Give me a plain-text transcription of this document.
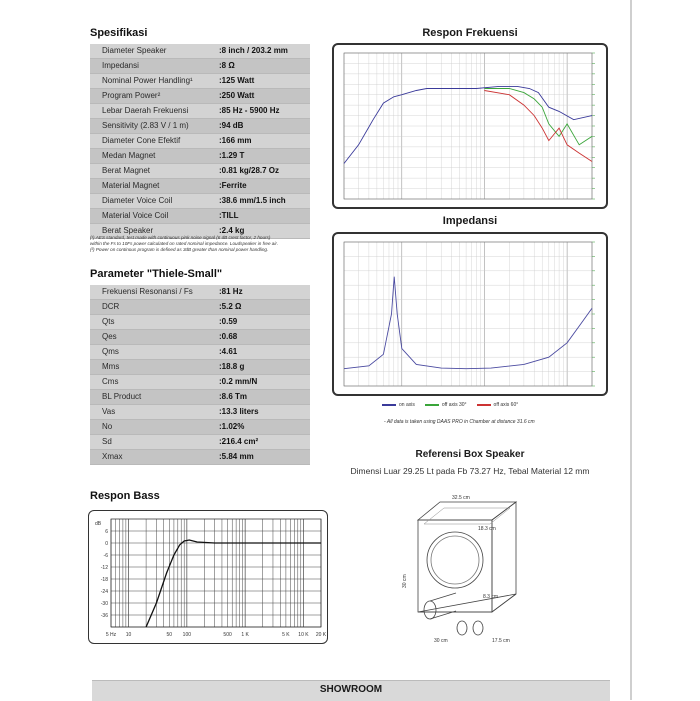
Spesifikasi
Diameter Speaker	:8 inch / 203.2 mm
Impedansi	:8 Ω
Nominal Power Handling¹	:125 Watt
Program Power²	:250 Watt
Lebar Daerah Frekuensi	:85 Hz - 5900 Hz
Sensitivity (2.83 V / 1 m)	:94 dB
Diameter Cone Efektif	:166 mm
Medan Magnet	:1.29 T
Berat Magnet	:0.81 kg/28.7 Oz
Material Magnet	:Ferrite
Diameter Voice Coil	:38.6 mm/1.5 inch
Material Voice Coil	:TILL
Berat Speaker	:2.4 kg
(¹) AES standard, test made with continuous pink noise signal (6 dB crest factor, 2 hours)
within the Fs to 10Fs power calculated on rated nominal impedance. Loudspeaker in free air.
(²) Power on continous program is defined as 3dB greater than nominal power handling.
Parameter "Thiele-Small"
Frekuensi Resonansi / Fs	:81 Hz
DCR	:5.2 Ω
Qts	:0.59
Qes	:0.68
Qms	:4.61
Mms	:18.8 g
Cms	:0.2 mm/N
BL Product	:8.6 Tm
Vas	:13.3 liters
No	:1.02%
Sd	:216.4 cm²
Xmax	:5.84 mm
Respon Frekuensi
Impedansi
on axis	off axis 30°	off axis 60°
- All data is taken using DAAS PRO in Chamber at distance 31.6 cm
Referensi Box Speaker
Dimensi Luar 29.25 Lt pada Fb 73.27 Hz, Tebal Material 12 mm
32.5 cm
18.3 cm
30 cm
8.3 cm
30 cm	17.5 cm
Respon Bass
dB
6
0
-6
-12
-18
-24
-30
-36
5 Hz 10	50 100	500 1 K	5 K 10 K 20 K
SHOWROOM
